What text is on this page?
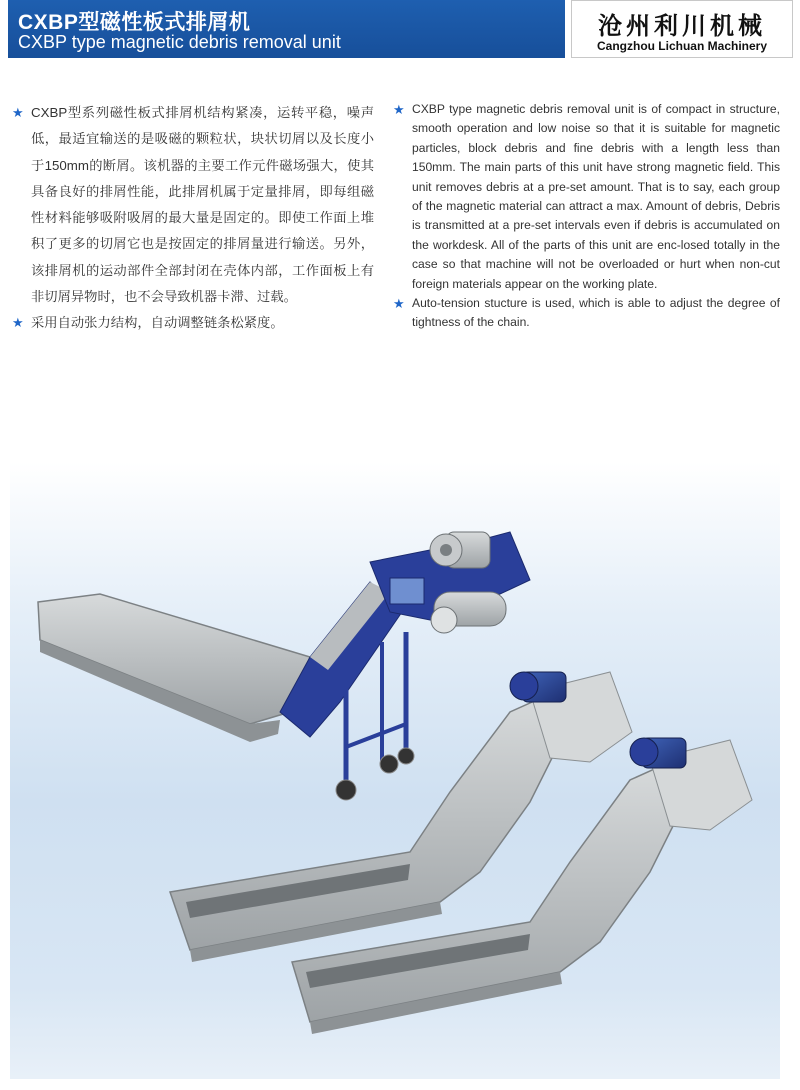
CXBP型磁性板式排屑机
CXBP type magnetic debris removal unit
沧州利川机械
Cangzhou Lichuan Machinery

★ CXBP型系列磁性板式排屑机结构紧凑，运转平稳，噪声低，最适宜输送的是吸磁的颗粒状，块状切屑以及长度小于150mm的断屑。该机器的主要工作元件磁场强大，使其具备良好的排屑性能，此排屑机属于定量排屑，即每组磁性材料能够吸附吸屑的最大量是固定的。即使工作面上堆积了更多的切屑它也是按固定的排屑量进行输送。另外，该排屑机的运动部件全部封闭在壳体内部，工作面板上有非切屑异物时，也不会导致机器卡滞、过载。

★ 采用自动张力结构，自动调整链条松紧度。

★ CXBP type magnetic debris removal unit is of compact in structure, smooth operation and low noise so that it is suitable for magnetic particles, block debris and fine debris with a length less than 150mm. The main parts of this unit have strong magnetic field. This unit removes debris at a pre-set amount. That is to say, each group of the magnetic material can attract a max. Amount of debris, Debris is transmitted at a pre-set intervals even if debris is accumulated on the workdesk. All of the parts of this unit are enc-losed totally in the case so that machine will not be overloaded or hurt when non-cut foreign materials appear on the working plate.

★ Auto-tension stucture is used, which is able to adjust the degree of tightness of the chain.
